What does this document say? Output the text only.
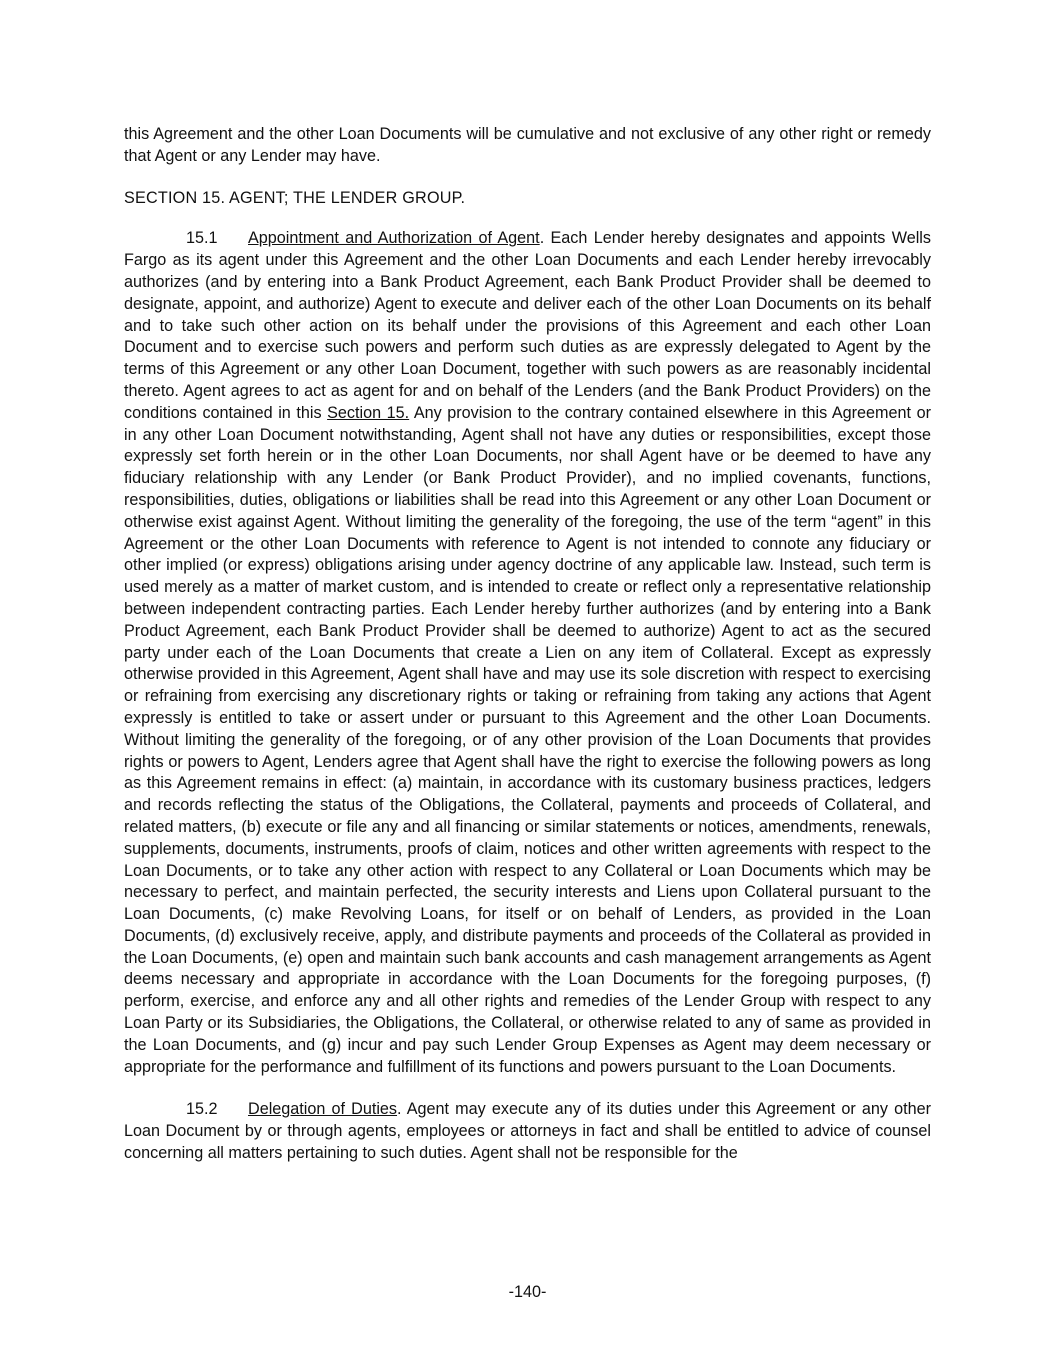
this Agreement and the other Loan Documents will be cumulative and not exclusive of any other right or remedy that Agent or any Lender may have.

SECTION 15. AGENT; THE LENDER GROUP.

15.1 Appointment and Authorization of Agent. Each Lender hereby designates and appoints Wells Fargo as its agent under this Agreement and the other Loan Documents and each Lender hereby irrevocably authorizes (and by entering into a Bank Product Agreement, each Bank Product Provider shall be deemed to designate, appoint, and authorize) Agent to execute and deliver each of the other Loan Documents on its behalf and to take such other action on its behalf under the provisions of this Agreement and each other Loan Document and to exercise such powers and perform such duties as are expressly delegated to Agent by the terms of this Agreement or any other Loan Document, together with such powers as are reasonably incidental thereto. Agent agrees to act as agent for and on behalf of the Lenders (and the Bank Product Providers) on the conditions contained in this Section 15. Any provision to the contrary contained elsewhere in this Agreement or in any other Loan Document notwithstanding, Agent shall not have any duties or responsibilities, except those expressly set forth herein or in the other Loan Documents, nor shall Agent have or be deemed to have any fiduciary relationship with any Lender (or Bank Product Provider), and no implied covenants, functions, responsibilities, duties, obligations or liabilities shall be read into this Agreement or any other Loan Document or otherwise exist against Agent. Without limiting the generality of the foregoing, the use of the term “agent” in this Agreement or the other Loan Documents with reference to Agent is not intended to connote any fiduciary or other implied (or express) obligations arising under agency doctrine of any applicable law. Instead, such term is used merely as a matter of market custom, and is intended to create or reflect only a representative relationship between independent contracting parties. Each Lender hereby further authorizes (and by entering into a Bank Product Agreement, each Bank Product Provider shall be deemed to authorize) Agent to act as the secured party under each of the Loan Documents that create a Lien on any item of Collateral. Except as expressly otherwise provided in this Agreement, Agent shall have and may use its sole discretion with respect to exercising or refraining from exercising any discretionary rights or taking or refraining from taking any actions that Agent expressly is entitled to take or assert under or pursuant to this Agreement and the other Loan Documents. Without limiting the generality of the foregoing, or of any other provision of the Loan Documents that provides rights or powers to Agent, Lenders agree that Agent shall have the right to exercise the following powers as long as this Agreement remains in effect: (a) maintain, in accordance with its customary business practices, ledgers and records reflecting the status of the Obligations, the Collateral, payments and proceeds of Collateral, and related matters, (b) execute or file any and all financing or similar statements or notices, amendments, renewals, supplements, documents, instruments, proofs of claim, notices and other written agreements with respect to the Loan Documents, or to take any other action with respect to any Collateral or Loan Documents which may be necessary to perfect, and maintain perfected, the security interests and Liens upon Collateral pursuant to the Loan Documents, (c) make Revolving Loans, for itself or on behalf of Lenders, as provided in the Loan Documents, (d) exclusively receive, apply, and distribute payments and proceeds of the Collateral as provided in the Loan Documents, (e) open and maintain such bank accounts and cash management arrangements as Agent deems necessary and appropriate in accordance with the Loan Documents for the foregoing purposes, (f) perform, exercise, and enforce any and all other rights and remedies of the Lender Group with respect to any Loan Party or its Subsidiaries, the Obligations, the Collateral, or otherwise related to any of same as provided in the Loan Documents, and (g) incur and pay such Lender Group Expenses as Agent may deem necessary or appropriate for the performance and fulfillment of its functions and powers pursuant to the Loan Documents.

15.2 Delegation of Duties. Agent may execute any of its duties under this Agreement or any other Loan Document by or through agents, employees or attorneys in fact and shall be entitled to advice of counsel concerning all matters pertaining to such duties. Agent shall not be responsible for the

-140-
